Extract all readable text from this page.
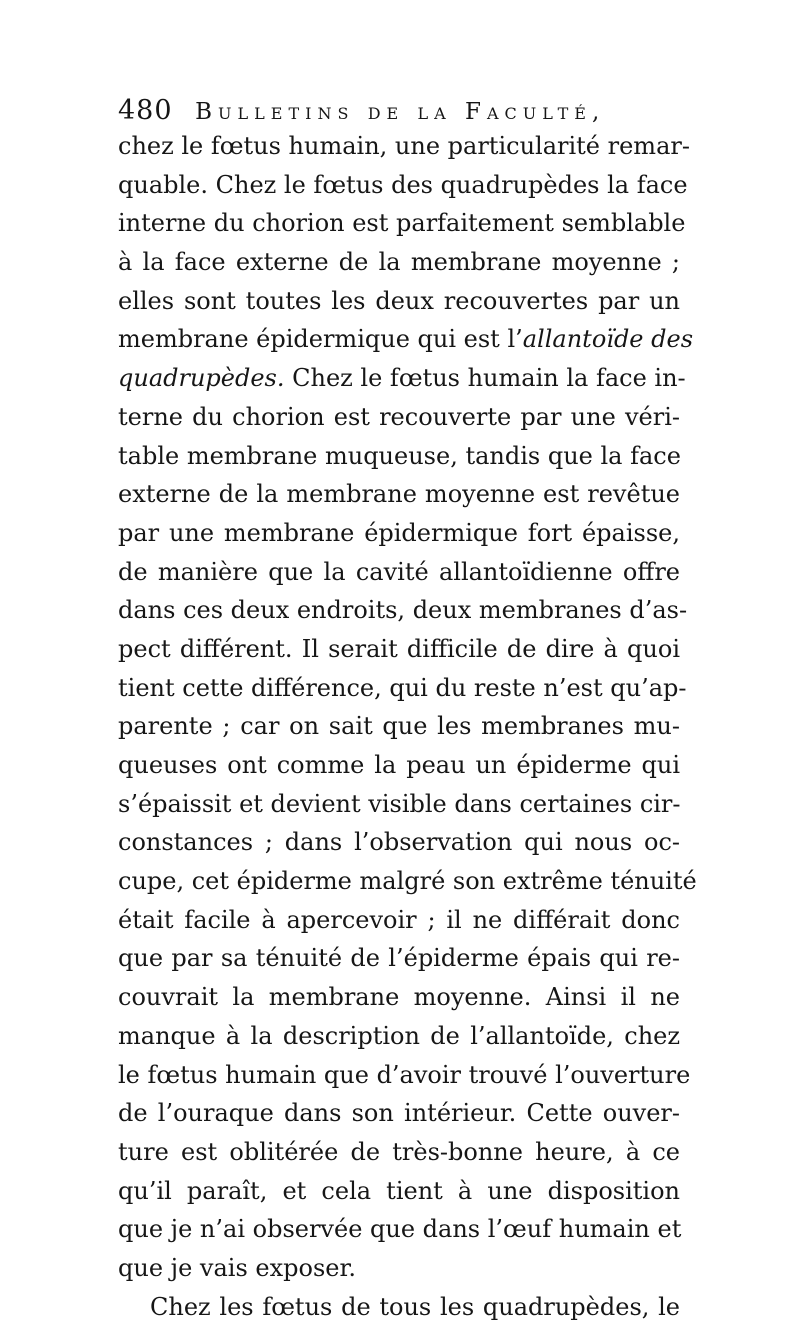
480 Bulletins de la Faculté,
chez le fœtus humain, une particularité remar-
quable. Chez le fœtus des quadrupèdes la face
interne du chorion est parfaitement semblable
à la face externe de la membrane moyenne ;
elles sont toutes les deux recouvertes par un
membrane épidermique qui est l’allantoïde des
quadrupèdes. Chez le fœtus humain la face in-
terne du chorion est recouverte par une véri-
table membrane muqueuse, tandis que la face
externe de la membrane moyenne est revêtue
par une membrane épidermique fort épaisse,
de manière que la cavité allantoïdienne offre
dans ces deux endroits, deux membranes d’as-
pect différent. Il serait difficile de dire à quoi
tient cette différence, qui du reste n’est qu’ap-
parente ; car on sait que les membranes mu-
queuses ont comme la peau un épiderme qui
s’épaissit et devient visible dans certaines cir-
constances ; dans l’observation qui nous oc-
cupe, cet épiderme malgré son extrême ténuité
était facile à apercevoir ; il ne différait donc
que par sa ténuité de l’épiderme épais qui re-
couvrait la membrane moyenne. Ainsi il ne
manque à la description de l’allantoïde, chez
le fœtus humain que d’avoir trouvé l’ouverture
de l’ouraque dans son intérieur. Cette ouver-
ture est oblitérée de très-bonne heure, à ce
qu’il paraît, et cela tient à une disposition
que je n’ai observée que dans l’œuf humain et
que je vais exposer.
Chez les fœtus de tous les quadrupèdes, le
